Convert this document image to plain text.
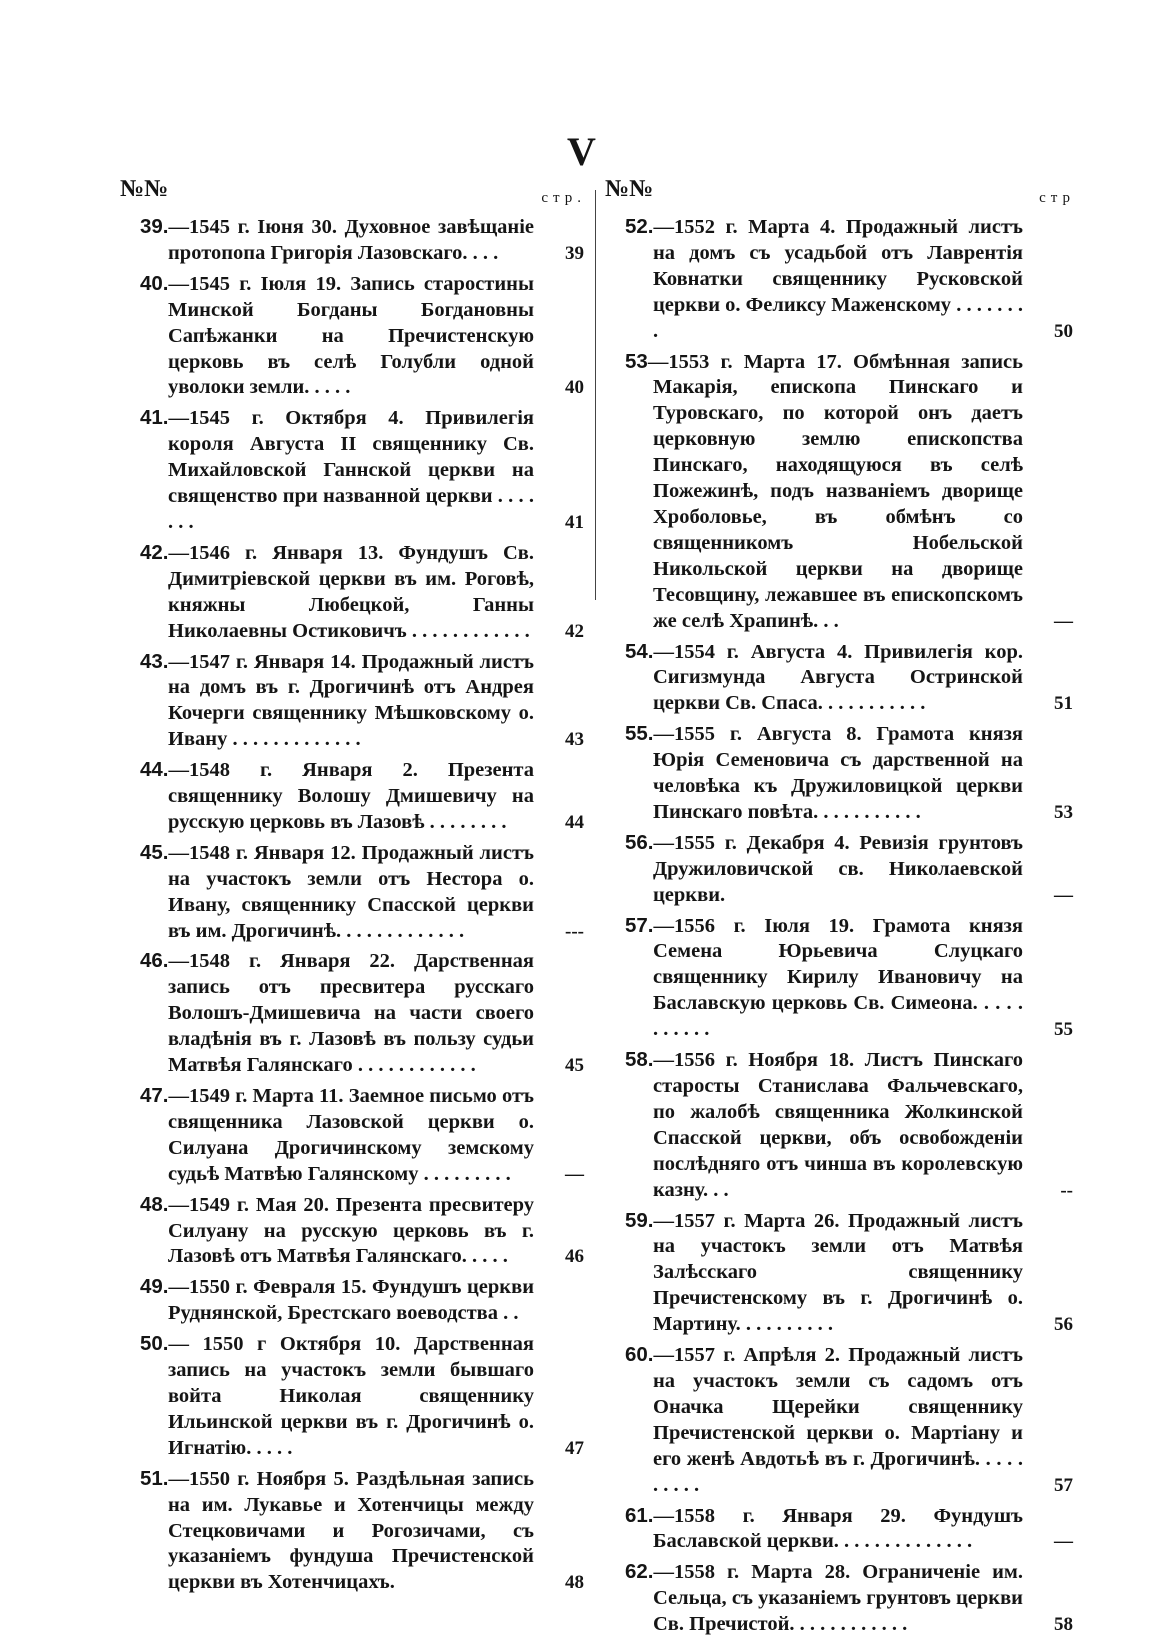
V
№№	стр.
39.—1545 г. Іюня 30. Духовное завѣщаніе протопопа Григорія Лазовскаго. . . .	39
40.—1545 г. Іюля 19. Запись старостины Минской Богданы Богдановны Сапѣжанки на Пречистенскую церковь въ селѣ Голубли одной уволоки земли. . . . .	40
41.—1545 г. Октября 4. Привилегія короля Августа II священнику Св. Михайловской Ганнской церкви на священство при названной церкви . . . . . . .	41
42.—1546 г. Января 13. Фундушъ Св. Димитріевской церкви въ им. Роговѣ, княжны Любецкой, Ганны Николаевны Остиковичъ . . . . . . . . . . . . 42
43.—1547 г. Января 14. Продажный листъ на домъ въ г. Дрогичинѣ отъ Андрея Кочерги священнику Мѣшковскому о. Ивану . . . . . . . . . . . . .	43
44.—1548 г. Января 2. Презента священнику Волошу Дмишевичу на русскую церковь въ Лазовѣ . . . . . . . .	44
45.—1548 г. Января 12. Продажный листъ на участокъ земли отъ Нестора о. Ивану, священнику Спасской церкви въ им. Дрогичинѣ. . . . . . . . . . . . .	---
46.—1548 г. Января 22. Дарственная запись отъ пресвитера русскаго Волошъ-Дмишевича на части своего владѣнія въ г. Лазовѣ въ пользу судьи Матвѣя Галянскаго . . . . . . . . . . . .	45
47.—1549 г. Марта 11. Заемное письмо отъ священника Лазовской церкви о. Силуана Дрогичинскому земскому судьѣ Матвѣю Галянскому . . . . . . . . .	—
48.—1549 г. Мая 20. Презента пресвитеру Силуану на русскую церковь въ г. Лазовѣ отъ Матвѣя Галянскаго. . . . .	46
49.—1550 г. Февраля 15. Фундушъ церкви Руднянской, Брестскаго воеводства . .
50.— 1550 г Октября 10. Дарственная запись на участокъ земли бывшаго войта Николая священнику Ильинской церкви въ г. Дрогичинѣ о. Игнатію. . . . .	47
51.—1550 г. Ноября 5. Раздѣльная запись на им. Лукавье и Хотенчицы между Стецковичами и Рогозичами, съ указаніемъ фундуша Пречистенской церкви въ Хотенчицахъ.	48
№№	стр
52.—1552 г. Марта 4. Продажный листъ на домъ съ усадьбой отъ Лаврентія Ковнатки священнику Русковской церкви о. Феликсу Маженскому . . . . . . . .	50
53—1553 г. Марта 17. Обмѣнная запись Макарія, епископа Пинскаго и Туровскаго, по которой онъ даетъ церковную землю епископства Пинскаго, находящуюся въ селѣ Пожежинѣ, подъ названіемъ дворище Хроболовье, въ обмѣнъ со священникомъ Нобельской Никольской церкви на дворище Тесовщину, лежавшее въ епископскомъ же селѣ Храпинѣ. . .	—
54.—1554 г. Августа 4. Привилегія кор. Сигизмунда Августа Остринской церкви Св. Спаса. . . . . . . . . . .	51
55.—1555 г. Августа 8. Грамота князя Юрія Семеновича съ дарственной на человѣка къ Дружиловицкой церкви Пинскаго повѣта. . . . . . . . . . .	53
56.—1555 г. Декабря 4. Ревизія грунтовъ Дружиловичской св. Николаевской церкви.	—
57.—1556 г. Іюля 19. Грамота князя Семена Юрьевича Слуцкаго священнику Кирилу Ивановичу на Баславскую церковь Св. Симеона. . . . . . . . . . .	55
58.—1556 г. Ноября 18. Листъ Пинскаго старосты Станислава Фальчевскаго, по жалобѣ священника Жолкинской Спасской церкви, объ освобожденіи послѣдняго отъ чинша въ королевскую казну. . .	--
59.—1557 г. Марта 26. Продажный листъ на участокъ земли отъ Матвѣя Залѣсскаго священнику Пречистенскому въ г. Дрогичинѣ о. Мартину. . . . . . . . . .	56
60.—1557 г. Апрѣля 2. Продажный листъ на участокъ земли съ садомъ отъ Оначка Щерейки священнику Пречистенской церкви о. Мартіану и его женѣ Авдотьѣ въ г. Дрогичинѣ. . . . . . . . . .	57
61.—1558 г. Января 29. Фундушъ Баславской церкви. . . . . . . . . . . . . .	—
62.—1558 г. Марта 28. Ограниченіе им. Сельца, съ указаніемъ грунтовъ церкви Св. Пречистой. . . . . . . . . . . .	58
